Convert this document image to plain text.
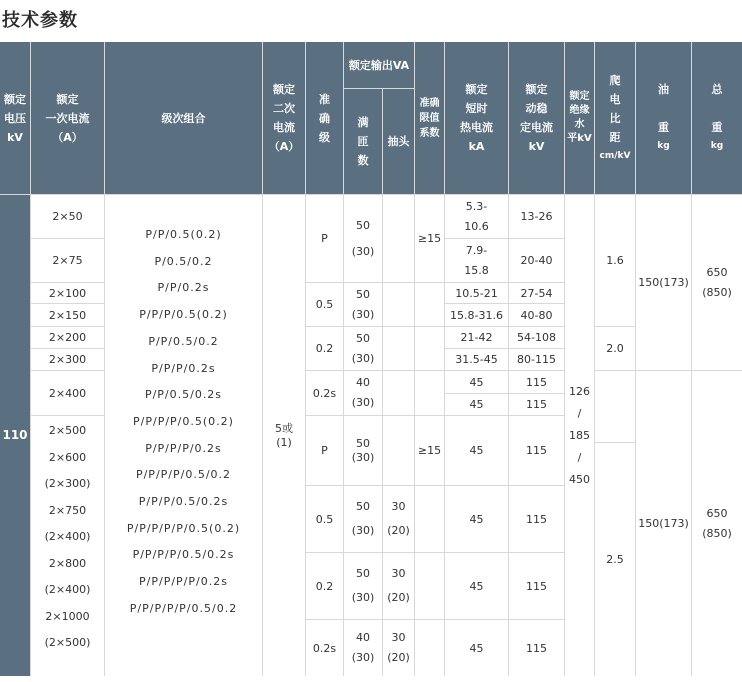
技术参数
额定
电压
kV
额定
一次电流
（A）
级次组合
额定
二次
电流
（A）
准
确
级
额定输出VA
满
匝
数
抽头
准确
限值
系数
额定
短时
热电流
kA
额定
动稳
定电流
kV
额定
绝缘
水
平kV
爬
电
比
距
cm/kV
油

重
kg
总

重
kg
110
2×50
2×75
2×100
2×150
2×200
2×300
2×400
2×500
2×600
(2×300)
2×750
(2×400)
2×800
(2×400)
2×1000
(2×500)
P/P/0.5(0.2)
P/0.5/0.2
P/P/0.2s
P/P/P/0.5(0.2)
P/P/0.5/0.2
P/P/P/0.2s
P/P/0.5/0.2s
P/P/P/P/0.5(0.2)
P/P/P/P/0.2s
P/P/P/P/0.5/0.2
P/P/P/0.5/0.2s
P/P/P/P/P/0.5(0.2)
P/P/P/P/0.5/0.2s
P/P/P/P/P/0.2s
P/P/P/P/P/0.5/0.2
5或
(1)
P
0.5
0.2
0.2s
50

(30)
50

(30)
50

(30)
40

(30)
≥15
5.3-

10.6
7.9-

15.8
10.5-21
15.8-31.6
21-42
31.5-45
45
45
13-26
20-40
27-54
40-80
54-108
80-115
115
115
126

/

185

/

450
1.6
2.0
150(173)
650

(850)
P
0.5
0.2
0.2s
50
(30)
50

(30)
50

(30)
40

(30)
30

(20)
30

(20)
30

(20)
≥15	45
45
45
45
115
115
115
115
2.5
150(173)
650

(850)
